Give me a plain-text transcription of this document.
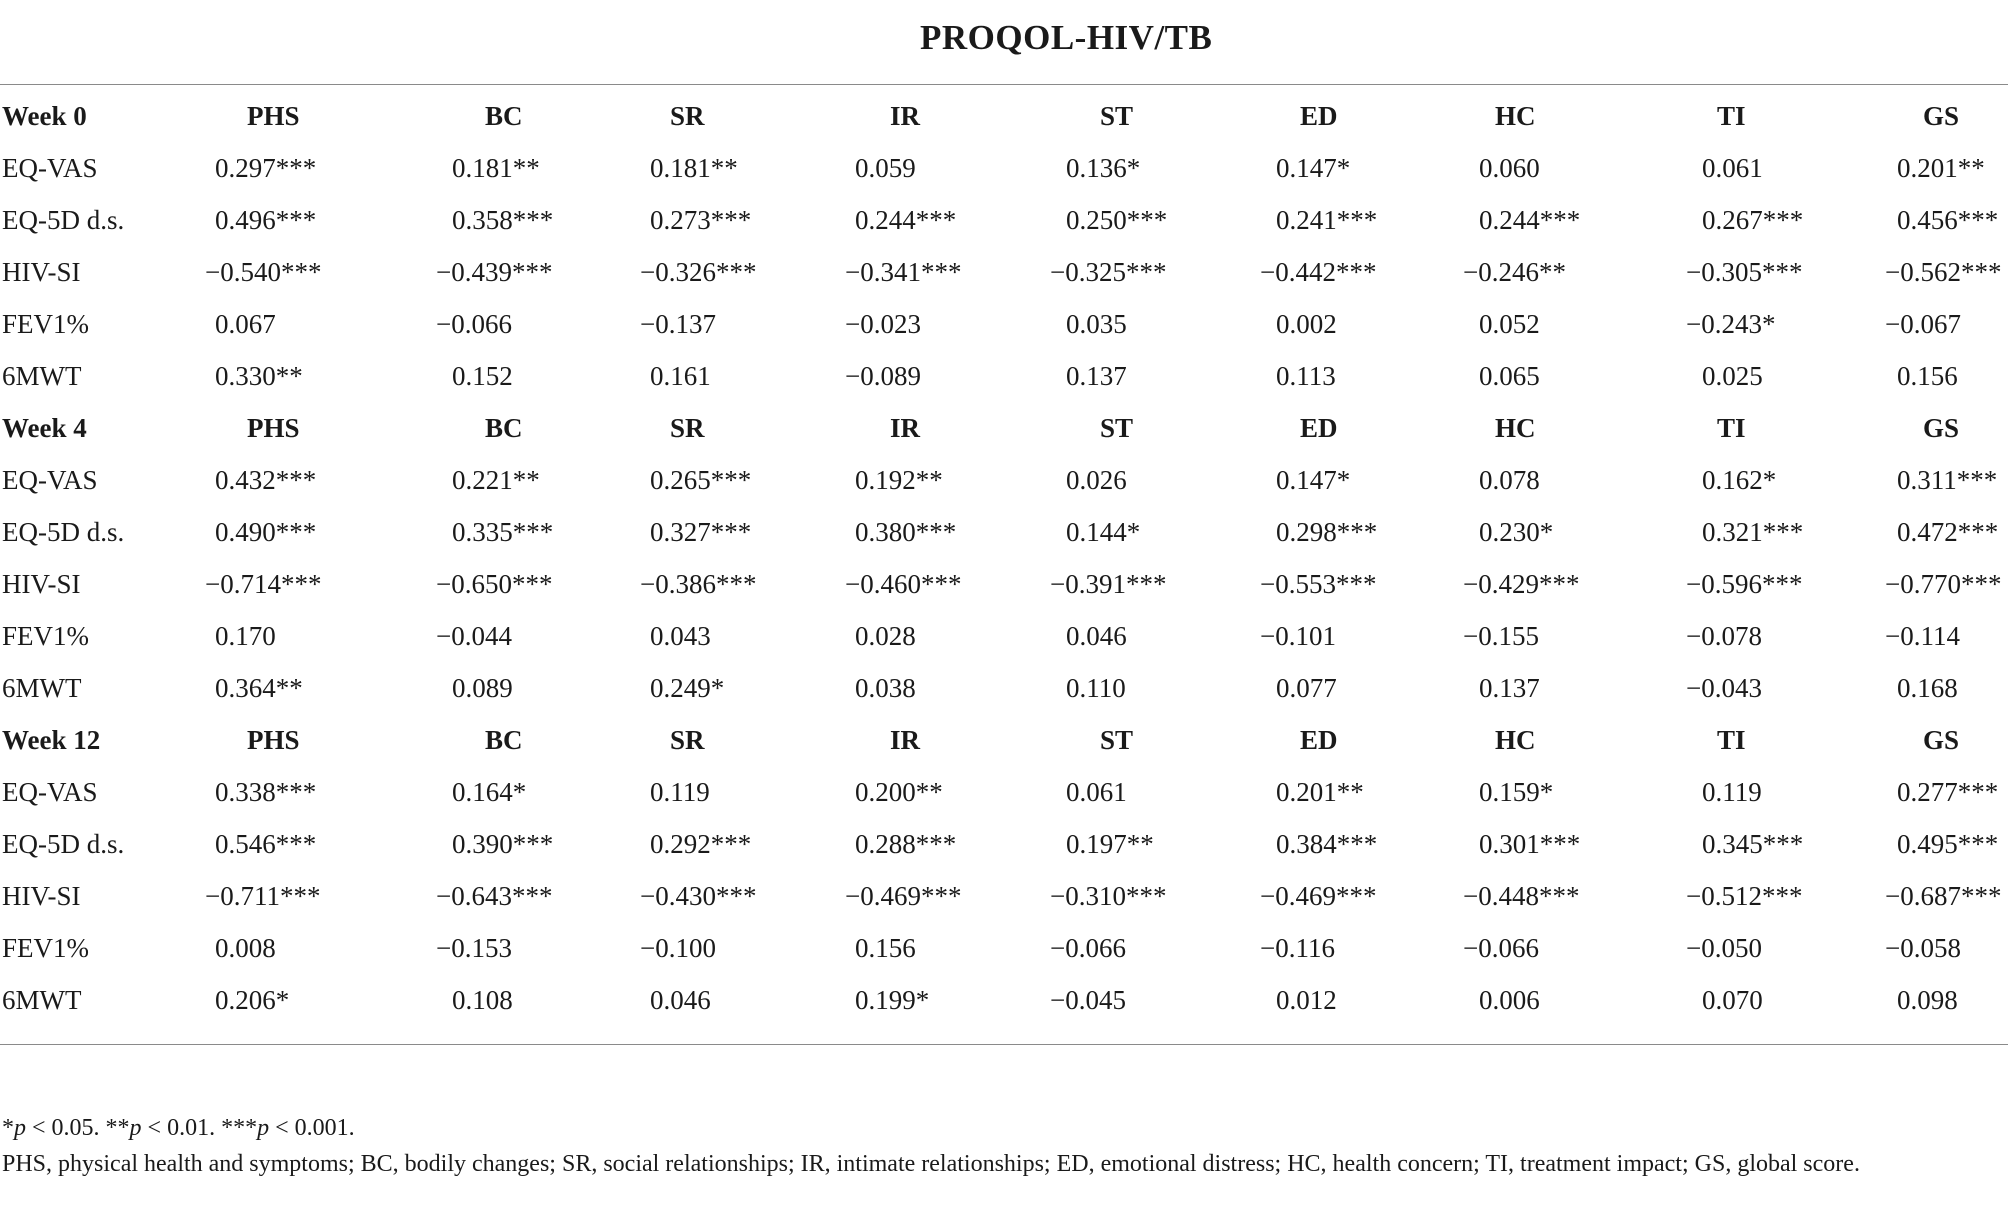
PROQOL-HIV/TB
Week 0	PHS	BC	SR	IR	ST	ED	HC	TI	GS
EQ-VAS	0.297***	0.181**	0.181**	0.059	0.136*	0.147*	0.060	0.061	0.201**
EQ-5D d.s.	0.496***	0.358***	0.273***	0.244***	0.250***	0.241***	0.244***	0.267***	0.456***
HIV-SI	−0.540***	−0.439***	−0.326***	−0.341***	−0.325***	−0.442***	−0.246**	−0.305***	−0.562***
FEV1%	0.067	−0.066	−0.137	−0.023	0.035	0.002	0.052	−0.243*	−0.067
6MWT	0.330**	0.152	0.161	−0.089	0.137	0.113	0.065	0.025	0.156
Week 4	PHS	BC	SR	IR	ST	ED	HC	TI	GS
EQ-VAS	0.432***	0.221**	0.265***	0.192**	0.026	0.147*	0.078	0.162*	0.311***
EQ-5D d.s.	0.490***	0.335***	0.327***	0.380***	0.144*	0.298***	0.230*	0.321***	0.472***
HIV-SI	−0.714***	−0.650***	−0.386***	−0.460***	−0.391***	−0.553***	−0.429***	−0.596***	−0.770***
FEV1%	0.170	−0.044	0.043	0.028	0.046	−0.101	−0.155	−0.078	−0.114
6MWT	0.364**	0.089	0.249*	0.038	0.110	0.077	0.137	−0.043	0.168
Week 12	PHS	BC	SR	IR	ST	ED	HC	TI	GS
EQ-VAS	0.338***	0.164*	0.119	0.200**	0.061	0.201**	0.159*	0.119	0.277***
EQ-5D d.s.	0.546***	0.390***	0.292***	0.288***	0.197**	0.384***	0.301***	0.345***	0.495***
HIV-SI	−0.711***	−0.643***	−0.430***	−0.469***	−0.310***	−0.469***	−0.448***	−0.512***	−0.687***
FEV1%	0.008	−0.153	−0.100	0.156	−0.066	−0.116	−0.066	−0.050	−0.058
6MWT	0.206*	0.108	0.046	0.199*	−0.045	0.012	0.006	0.070	0.098

*p < 0.05. **p < 0.01. ***p < 0.001.

PHS, physical health and symptoms; BC, bodily changes; SR, social relationships; IR, intimate relationships; ED, emotional distress; HC, health concern; TI, treatment impact; GS, global score.
